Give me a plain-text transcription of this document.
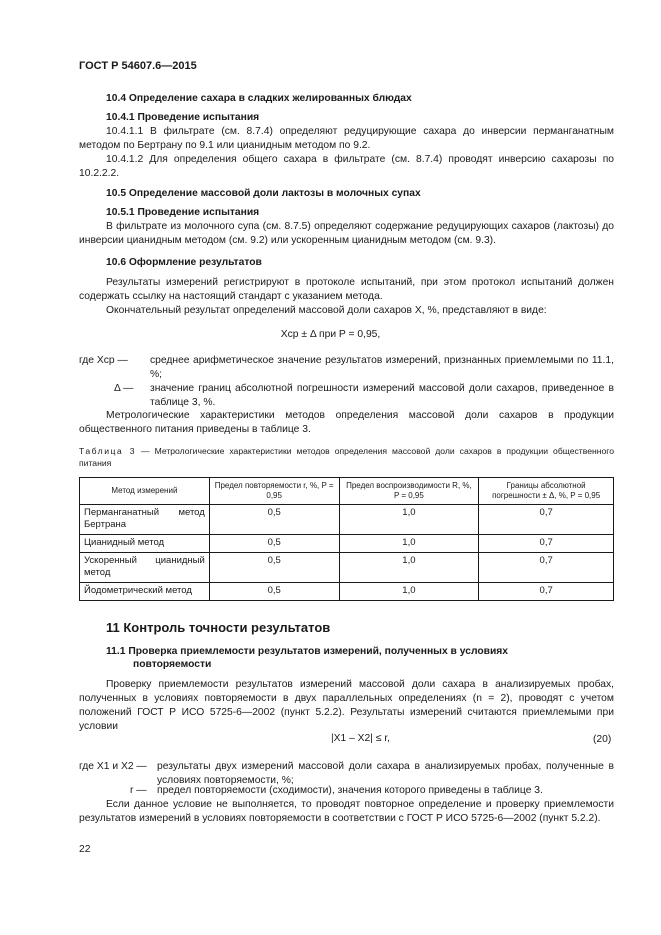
ГОСТ Р 54607.6—2015
10.4 Определение сахара в сладких желированных блюдах
10.4.1 Проведение испытания
10.4.1.1 В фильтрате (см. 8.7.4) определяют редуцирующие сахара до инверсии перманганатным методом по Бертрану по 9.1 или цианидным методом по 9.2.
10.4.1.2 Для определения общего сахара в фильтрате (см. 8.7.4) проводят инверсию сахарозы по 10.2.2.2.
10.5 Определение массовой доли лактозы в молочных супах
10.5.1 Проведение испытания
В фильтрате из молочного супа (см. 8.7.5) определяют содержание редуцирующих сахаров (лактозы) до инверсии цианидным методом (см. 9.2) или ускоренным цианидным методом (см. 9.3).
10.6 Оформление результатов
Результаты измерений регистрируют в протоколе испытаний, при этом протокол испытаний должен содержать ссылку на настоящий стандарт с указанием метода.
Окончательный результат определений массовой доли сахаров X, %, представляют в виде:
Xср ± Δ при P = 0,95,
где Xср — среднее арифметическое значение результатов измерений, признанных приемлемыми по 11.1, %;
Δ — значение границ абсолютной погрешности измерений массовой доли сахаров, приведенное в таблице 3, %.
Метрологические характеристики методов определения массовой доли сахаров в продукции общественного питания приведены в таблице 3.
Таблица 3 — Метрологические характеристики методов определения массовой доли сахаров в продукции общественного питания
Метод измерений	Предел повторяемости r, %, P = 0,95	Предел воспроизводимости R, %, P = 0,95	Границы абсолютной погрешности ± Δ, %, P = 0,95
Перманганатный метод Бертрана	0,5	1,0	0,7
Цианидный метод	0,5	1,0	0,7
Ускоренный цианидный метод	0,5	1,0	0,7
Йодометрический метод	0,5	1,0	0,7
11 Контроль точности результатов
11.1 Проверка приемлемости результатов измерений, полученных в условиях
повторяемости
Проверку приемлемости результатов измерений массовой доли сахара в анализируемых пробах, полученных в условиях повторяемости в двух параллельных определениях (n = 2), проводят с учетом положений ГОСТ Р ИСО 5725-6—2002 (пункт 5.2.2). Результаты измерений считаются приемлемыми при условии
|X1 – X2| ≤ r,	(20)
где X1 и X2 — результаты двух измерений массовой доли сахара в анализируемых пробах, полученные в условиях повторяемости, %;
r — предел повторяемости (сходимости), значения которого приведены в таблице 3.
Если данное условие не выполняется, то проводят повторное определение и проверку приемлемости результатов измерений в условиях повторяемости в соответствии с ГОСТ Р ИСО 5725-6—2002 (пункт 5.2.2).
22
